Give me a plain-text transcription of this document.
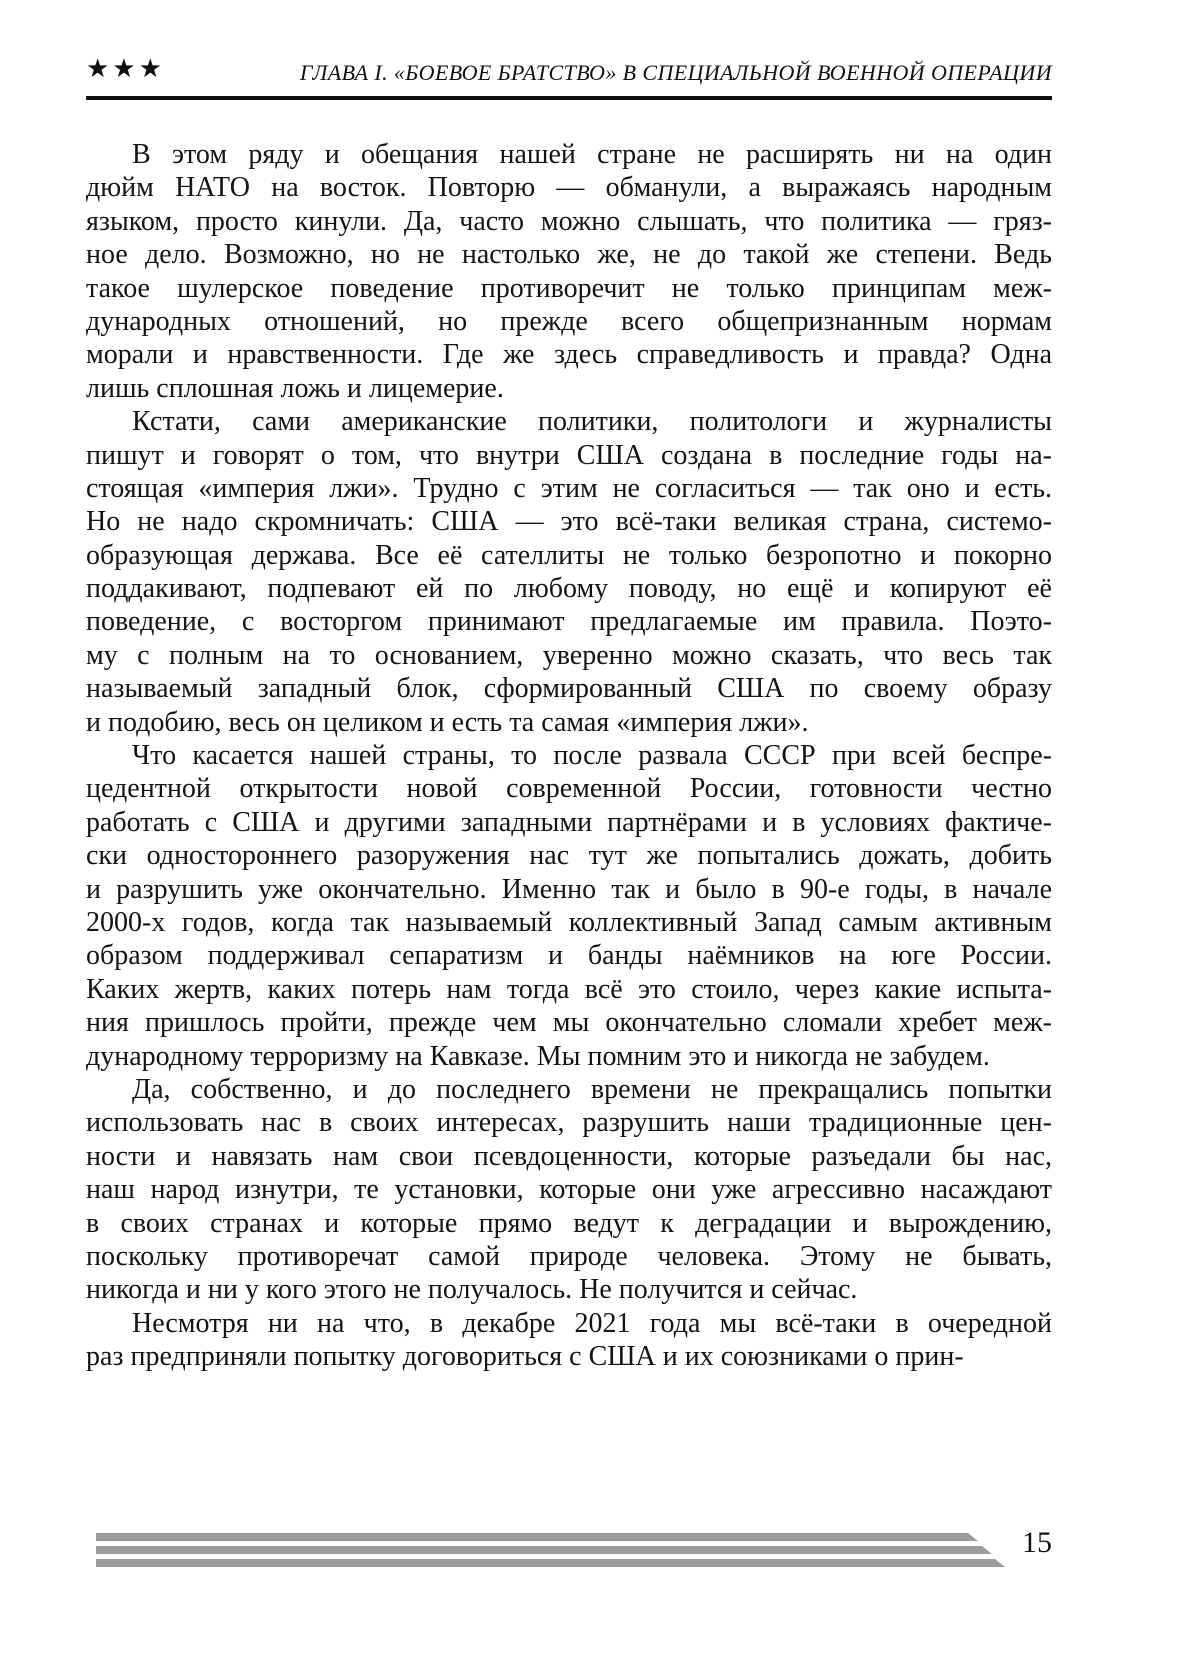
★★★	ГЛАВА I. «БОЕВОЕ БРАТСТВО» В СПЕЦИАЛЬНОЙ ВОЕННОЙ ОПЕРАЦИИ
В этом ряду и обещания нашей стране не расширять ни на один
дюйм НАТО на восток. Повторю — обманули, а выражаясь народным
языком, просто кинули. Да, часто можно слышать, что политика — гряз-
ное дело. Возможно, но не настолько же, не до такой же степени. Ведь
такое шулерское поведение противоречит не только принципам меж-
дународных отношений, но прежде всего общепризнанным нормам
морали и нравственности. Где же здесь справедливость и правда? Одна
лишь сплошная ложь и лицемерие.
Кстати, сами американские политики, политологи и журналисты
пишут и говорят о том, что внутри США создана в последние годы на-
стоящая «империя лжи». Трудно с этим не согласиться — так оно и есть.
Но не надо скромничать: США — это всё-таки великая страна, системо-
образующая держава. Все её сателлиты не только безропотно и покорно
поддакивают, подпевают ей по любому поводу, но ещё и копируют её
поведение, с восторгом принимают предлагаемые им правила. Поэто-
му с полным на то основанием, уверенно можно сказать, что весь так
называемый западный блок, сформированный США по своему образу
и подобию, весь он целиком и есть та самая «империя лжи».
Что касается нашей страны, то после развала СССР при всей беспре-
цедентной открытости новой современной России, готовности честно
работать с США и другими западными партнёрами и в условиях фактиче-
ски одностороннего разоружения нас тут же попытались дожать, добить
и разрушить уже окончательно. Именно так и было в 90-е годы, в начале
2000-х годов, когда так называемый коллективный Запад самым активным
образом поддерживал сепаратизм и банды наёмников на юге России.
Каких жертв, каких потерь нам тогда всё это стоило, через какие испыта-
ния пришлось пройти, прежде чем мы окончательно сломали хребет меж-
дународному терроризму на Кавказе. Мы помним это и никогда не забудем.
Да, собственно, и до последнего времени не прекращались попытки
использовать нас в своих интересах, разрушить наши традиционные цен-
ности и навязать нам свои псевдоценности, которые разъедали бы нас,
наш народ изнутри, те установки, которые они уже агрессивно насаждают
в своих странах и которые прямо ведут к деградации и вырождению,
поскольку противоречат самой природе человека. Этому не бывать,
никогда и ни у кого этого не получалось. Не получится и сейчас.
Несмотря ни на что, в декабре 2021 года мы всё-таки в очередной
раз предприняли попытку договориться с США и их союзниками о прин-
15
